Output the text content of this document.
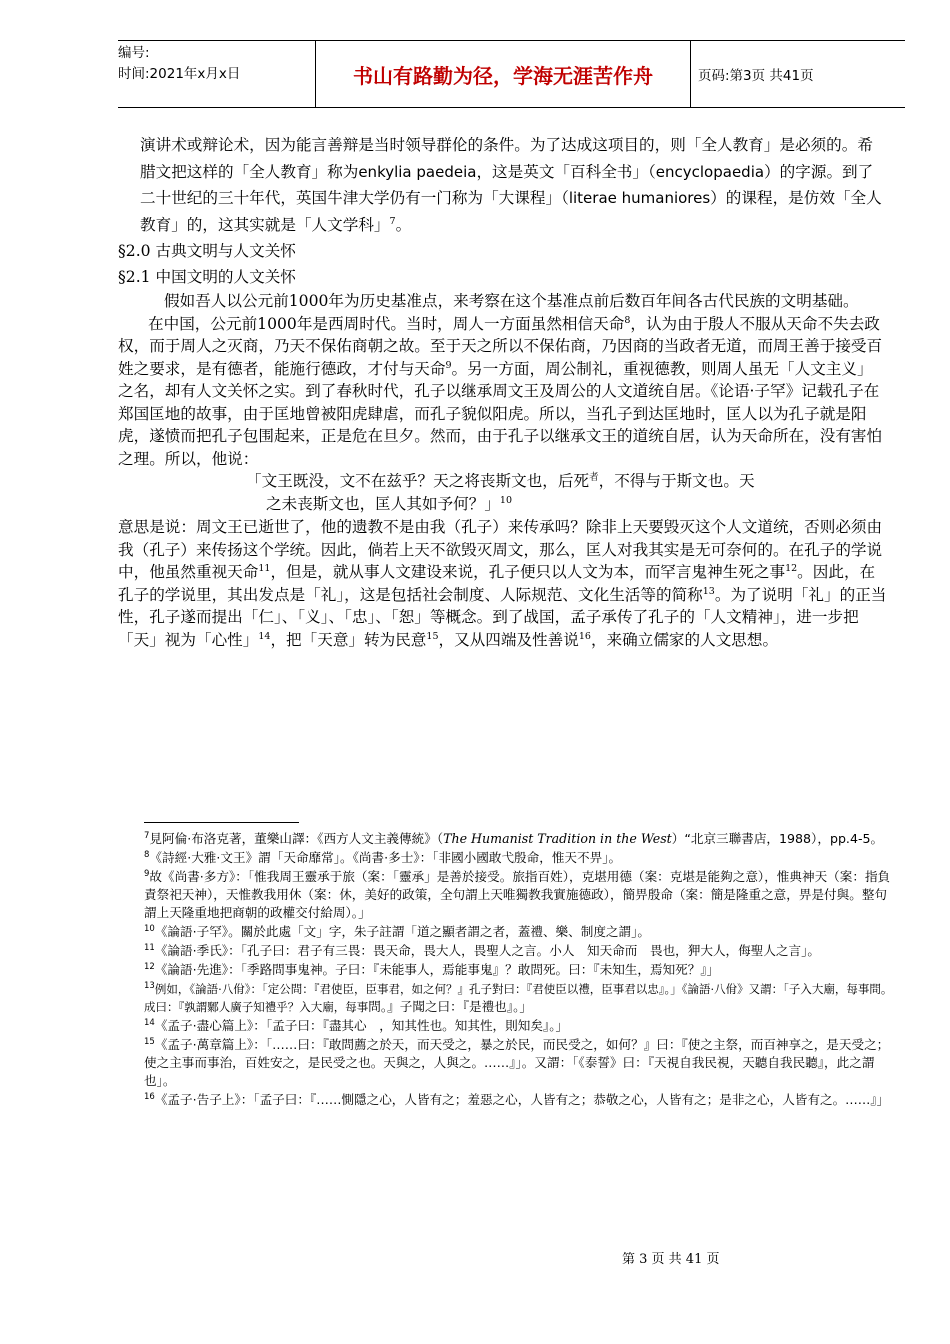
编号:
时间:2021年x月x日	书山有路勤为径，学海无涯苦作舟	页码:第3页 共41页

演讲术或辩论术，因为能言善辩是当时领导群伦的条件。为了达成这项目的，则「全人教育」是必须的。希腊文把这样的「全人教育」称为enkylia paedeia，这是英文「百科全书」（encyclopaedia）的字源。到了二十世纪的三十年代，英国牛津大学仍有一门称为「大课程」（literae humaniores）的课程，是仿效「全人教育」的，这其实就是「人文学科」$^7$。

§2.0 古典文明与人文关怀

§2.1 中国文明的人文关怀

假如吾人以公元前1000年为历史基准点，来考察在这个基准点前后数百年间各古代民族的文明基础。

在中国，公元前1000年是西周时代。当时，周人一方面虽然相信天命$^8$，认为由于殷人不服从天命不失去政权，而于周人之灭商，乃天不保佑商朝之故。至于天之所以不保佑商，乃因商的当政者无道，而周王善于接受百姓之要求，是有德者，能施行德政，才付与天命$^9$。另一方面，周公制礼，重视德教，则周人虽无「人文主义」之名，却有人文关怀之实。到了春秋时代，孔子以继承周文王及周公的人文道统自居。《论语·子罕》记载孔子在郑国匡地的故事，由于匡地曾被阳虎肆虐，而孔子貌似阳虎。所以，当孔子到达匡地时，匡人以为孔子就是阳虎，遂愤而把孔子包围起来，正是危在旦夕。然而，由于孔子以继承文王的道统自居，认为天命所在，没有害怕之理。所以，他说：

「文王既没，文不在兹乎？天之将丧斯文也，后死$^者$，不得与于斯文也。天
之未丧斯文也，匡人其如予何？」$^{10}$

意思是说：周文王已逝世了，他的遗教不是由我（孔子）来传承吗？除非上天要毁灭这个人文道统，否则必须由我（孔子）来传扬这个学统。因此，倘若上天不欲毁灭周文，那么，匡人对我其实是无可奈何的。在孔子的学说中，他虽然重视天命$^{11}$，但是，就从事人文建设来说，孔子便只以人文为本，而罕言鬼神生死之事$^{12}$。因此，在孔子的学说里，其出发点是「礼」，这是包括社会制度、人际规范、文化生活等的简称$^{13}$。为了说明「礼」的正当性，孔子遂而提出「仁」、「义」、「忠」、「恕」等概念。到了战国，孟子承传了孔子的「人文精神」，进一步把「天」视为「心性」$^{14}$，把「天意」转为民意$^{15}$，又从四端及性善说$^{16}$，来确立儒家的人文思想。

$^7$見阿倫·布洛克著，董樂山譯：《西方人文主義傳統》（The Humanist Tradition in the West）“北京三聯書店，1988），pp.4-5。

$^8$《詩經·大雅·文王》謂「天命靡常」。《尚書·多士》：「非國小國敢弋殷命，惟天不畀」。

$^9$故《尚書·多方》：「惟我周王靈承于旅（案：「靈承」是善於接受。旅指百姓），克堪用德（案：克堪是能夠之意），惟典神天（案：指負責祭祀天神），天惟教我用休（案：休，美好的政策，全句謂上天唯獨教我實施德政），簡畀殷命（案：簡是隆重之意，畀是付與。整句謂上天隆重地把商朝的政權交付給周）。」

$^{10}$《論語·子罕》。關於此處「文」字，朱子註謂「道之顯者謂之者，蓋禮、樂、制度之謂」。

$^{11}$《論語·季氏》：「孔子曰：君子有三畏：畏天命，畏大人，畏聖人之言。小人　知天命而　畏也，狎大人，侮聖人之言」。

$^{12}$《論語·先進》：「季路問事鬼神。子曰：『未能事人，焉能事鬼』？敢問死。曰：『未知生，焉知死？』」

$^{13}$例如，《論語·八佾》：「定公問：『君使臣，臣事君，如之何？』孔子對曰：『君使臣以禮，臣事君以忠』。」《論語·八佾》又謂：「子入大廟，每事問。成曰：『孰謂鄹人廣子知禮乎？入大廟，每事問。』子聞之曰：『是禮也』。」

$^{14}$《孟子·盡心篇上》：「孟子曰：『盡其心　，知其性也。知其性，則知矣』。」

$^{15}$《孟子·萬章篇上》：「……曰：『敢問薦之於天，而天受之，暴之於民，而民受之，如何？』曰：『使之主祭，而百神享之，是天受之；使之主事而事治，百姓安之，是民受之也。天與之，人與之。……』」。又謂：「《泰誓》曰：『天視自我民視，天聽自我民聽』，此之謂也」。

$^{16}$《孟子·告子上》：「孟子曰：『……惻隱之心，人皆有之；羞惡之心，人皆有之；恭敬之心，人皆有之；是非之心，人皆有之。……』」

第 3 页 共 41 页
